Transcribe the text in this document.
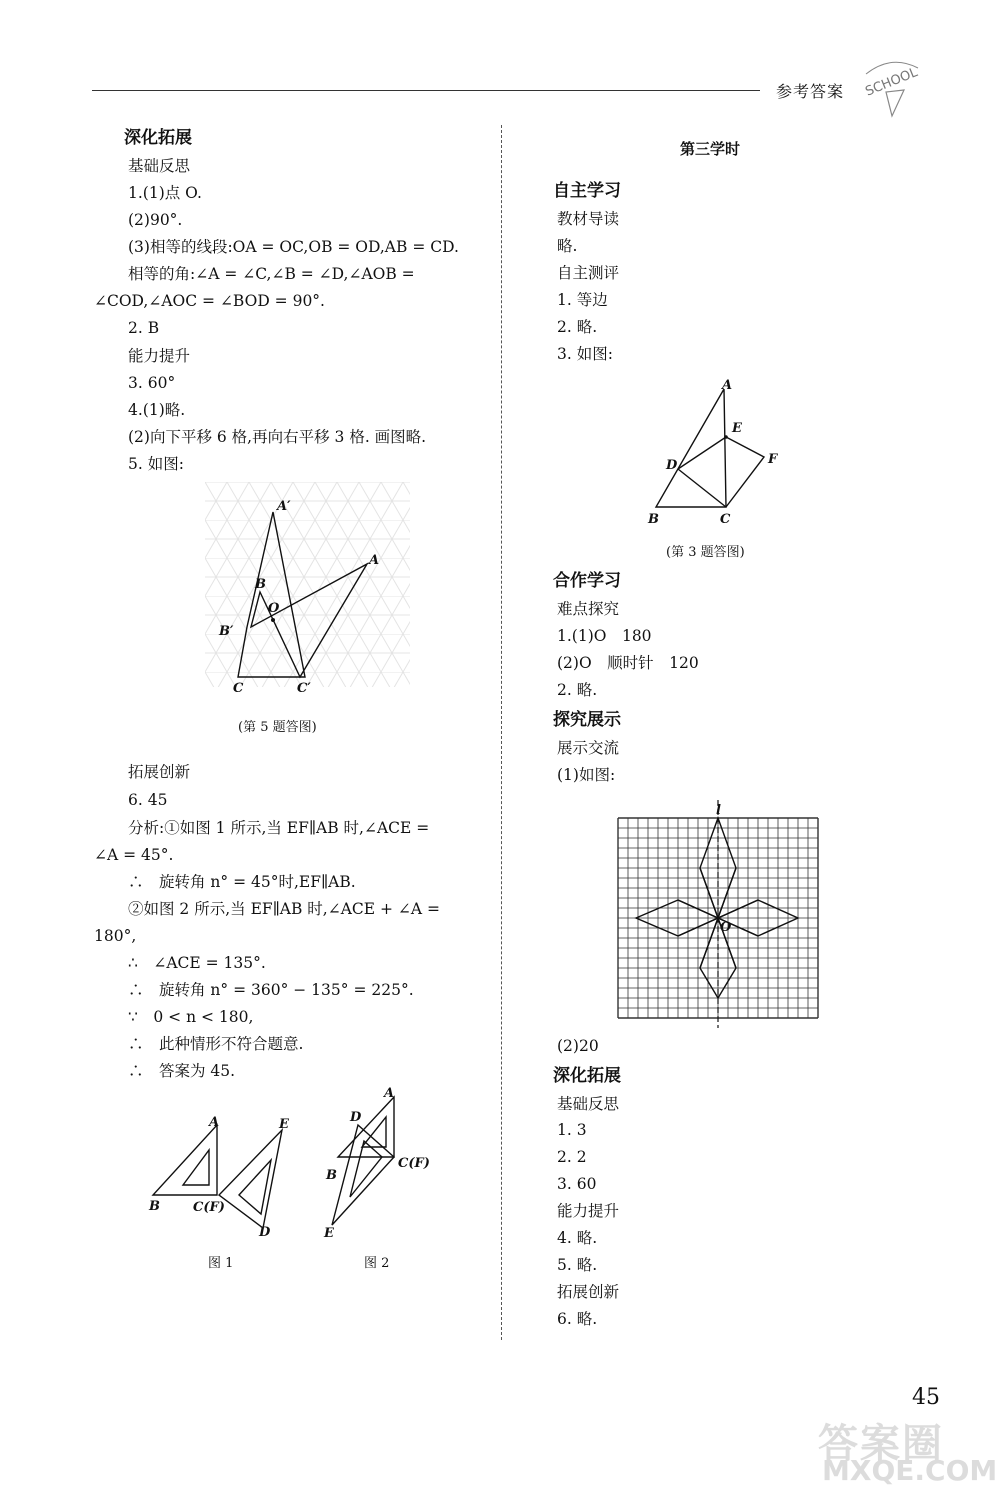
参考答案 SCHOOL
深化拓展
基础反思
1.(1)点 O.
(2)90°.
(3)相等的线段:OA = OC,OB = OD,AB = CD.
相等的角:∠A = ∠C,∠B = ∠D,∠AOB =
∠COD,∠AOC = ∠BOD = 90°.
2. B
能力提升
3. 60°
4.(1)略.
(2)向下平移 6 格,再向右平移 3 格. 画图略.
5. 如图:
A′
A
B
O
B′
C	C′
(第 5 题答图)
拓展创新
6. 45
分析:①如图 1 所示,当 EF∥AB 时,∠ACE =
∠A = 45°.
∴　旋转角 n° = 45°时,EF∥AB.
②如图 2 所示,当 EF∥AB 时,∠ACE + ∠A =
180°,
∴　∠ACE = 135°.
∴　旋转角 n° = 360° − 135° = 225°.
∵　0 < n < 180,
∴　此种情形不符合题意.
∴　答案为 45.
A	E
B	C(F)
D
图 1
A
D
B
C(F)
E
图 2
第三学时
自主学习
教材导读
略.
自主测评
1. 等边
2. 略.
3. 如图:
A
E
D	F
B	C
(第 3 题答图)
合作学习
难点探究
1.(1)O　180
(2)O　顺时针　120
2. 略.
探究展示
展示交流
(1)如图:
l
O
(2)20
深化拓展
基础反思
1. 3
2. 2
3. 60
能力提升
4. 略.
5. 略.
拓展创新
6. 略.
45
答案圈
MXQE.COM
